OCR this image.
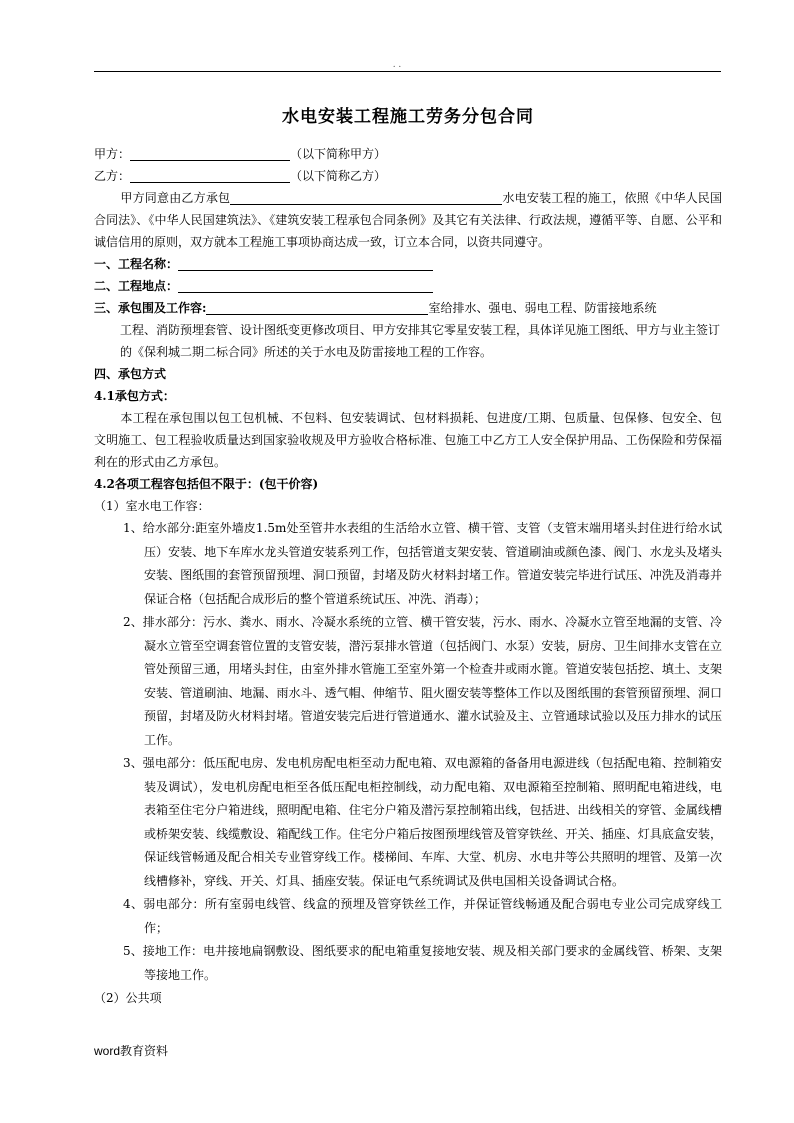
. .
水电安装工程施工劳务分包合同
甲方：	（以下简称甲方）
乙方：	（以下简称乙方）
甲方同意由乙方承包	水电安装工程的施工，依照《中华人民国合同法》、《中华人民国建筑法》、《建筑安装工程承包合同条例》及其它有关法律、行政法规，遵循平等、自愿、公平和诚信信用的原则，双方就本工程施工事项协商达成一致，订立本合同，以资共同遵守。
一、工程名称：
二、工程地点：
三、承包围及工作容:	室给排水、强电、弱电工程、防雷接地系统
工程、消防预埋套管、设计图纸变更修改项目、甲方安排其它零星安装工程，具体详见施工图纸、甲方与业主签订的《保利城二期二标合同》所述的关于水电及防雷接地工程的工作容。
四、承包方式
4.1承包方式：
本工程在承包围以包工包机械、不包料、包安装调试、包材料损耗、包进度/工期、包质量、包保修、包安全、包文明施工、包工程验收质量达到国家验收规及甲方验收合格标准、包施工中乙方工人安全保护用品、工伤保险和劳保福利在的形式由乙方承包。
4.2各项工程容包括但不限于：(包干价容)
（1）室水电工作容：
1、给水部分:距室外墙皮1.5m处至管井水表组的生活给水立管、横干管、支管（支管末端用堵头封住进行给水试压）安装、地下车库水龙头管道安装系列工作，包括管道支架安装、管道刷油或颜色漆、阀门、水龙头及堵头安装、图纸围的套管预留预埋、洞口预留，封堵及防火材料封堵工作。管道安装完毕进行试压、冲洗及消毒并保证合格（包括配合成形后的整个管道系统试压、冲洗、消毒）；
2、排水部分：污水、粪水、雨水、冷凝水系统的立管、横干管安装，污水、雨水、冷凝水立管至地漏的支管、冷凝水立管至空调套管位置的支管安装，潜污泵排水管道（包括阀门、水泵）安装，厨房、卫生间排水支管在立管处预留三通，用堵头封住，由室外排水管施工至室外第一个检查井或雨水篦。管道安装包括挖、填土、支架安装、管道刷油、地漏、雨水斗、透气帽、伸缩节、阻火圈安装等整体工作以及图纸围的套管预留预埋、洞口预留，封堵及防火材料封堵。管道安装完后进行管道通水、灌水试验及主、立管通球试验以及压力排水的试压工作。
3、强电部分：低压配电房、发电机房配电柜至动力配电箱、双电源箱的备备用电源进线（包括配电箱、控制箱安装及调试），发电机房配电柜至各低压配电柜控制线，动力配电箱、双电源箱至控制箱、照明配电箱进线，电表箱至住宅分户箱进线，照明配电箱、住宅分户箱及潜污泵控制箱出线，包括进、出线相关的穿管、金属线槽或桥架安装、线缆敷设、箱配线工作。住宅分户箱后按图预埋线管及管穿铁丝、开关、插座、灯具底盒安装，保证线管畅通及配合相关专业管穿线工作。楼梯间、车库、大堂、机房、水电井等公共照明的埋管、及第一次线槽修补，穿线、开关、灯具、插座安装。保证电气系统调试及供电国相关设备调试合格。
4、弱电部分：所有室弱电线管、线盒的预埋及管穿铁丝工作，并保证管线畅通及配合弱电专业公司完成穿线工作；
5、接地工作：电井接地扁钢敷设、图纸要求的配电箱重复接地安装、规及相关部门要求的金属线管、桥架、支架等接地工作。
（2）公共项
word教育资料
